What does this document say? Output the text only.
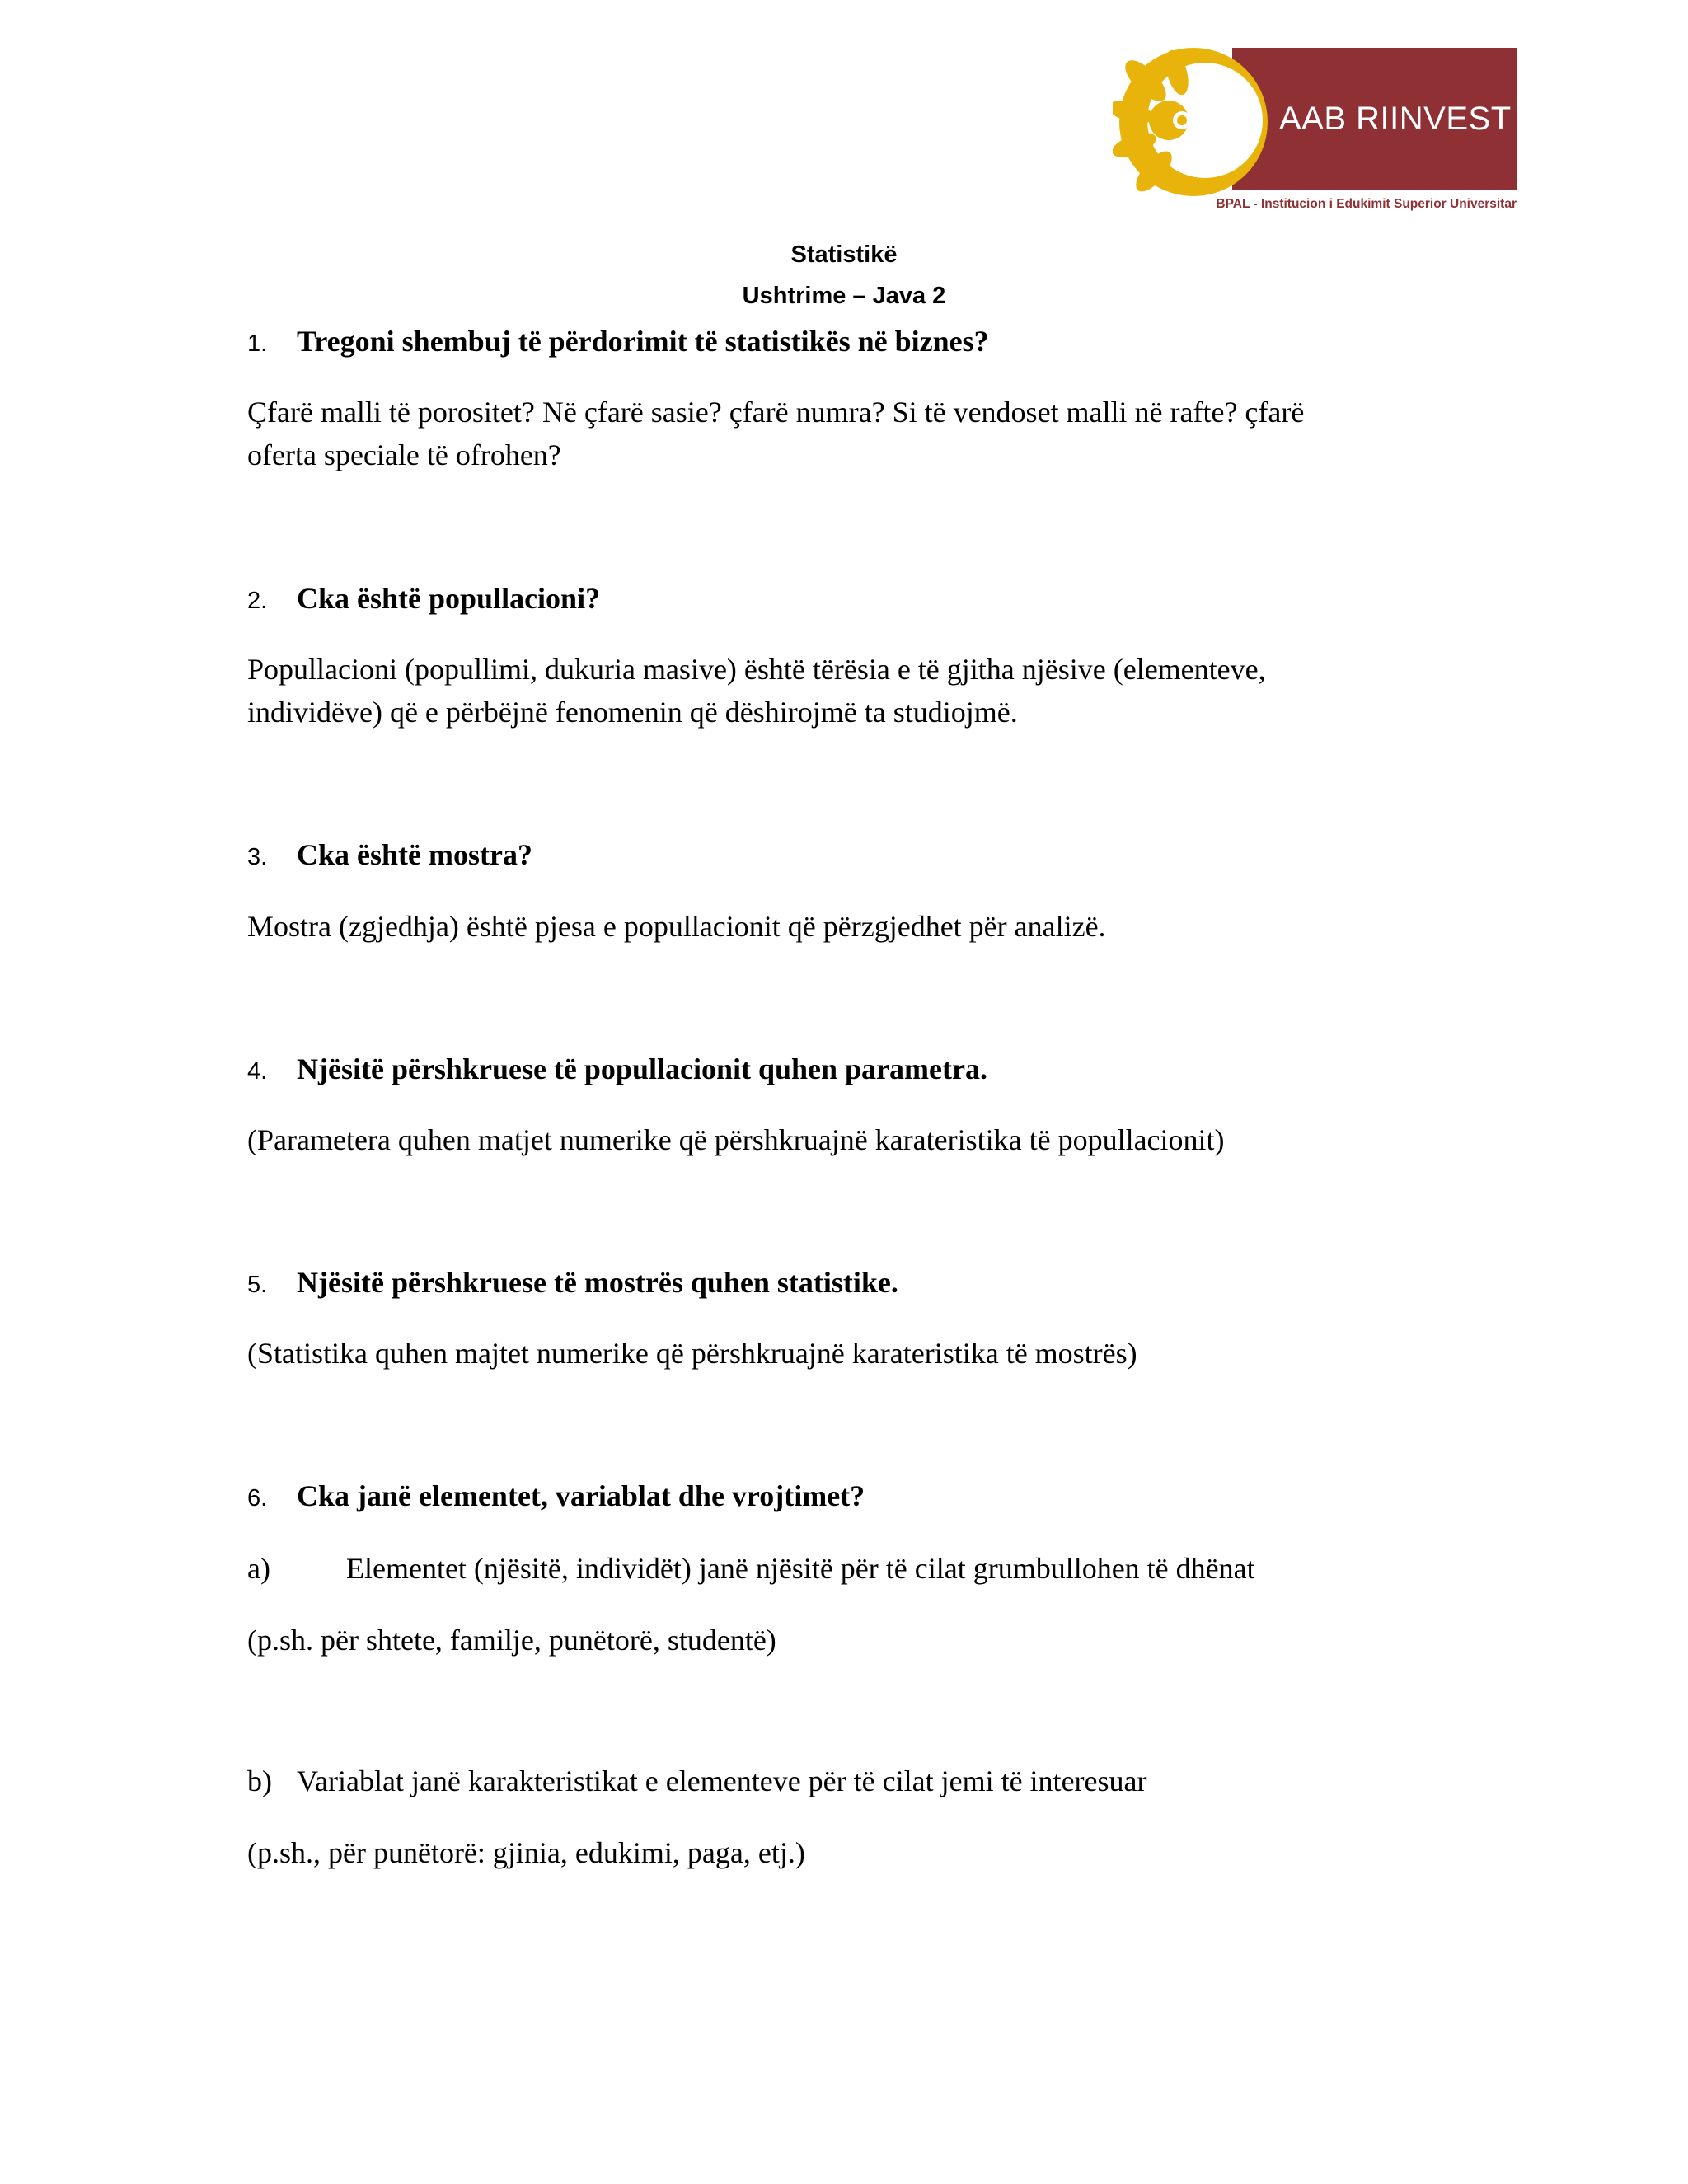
AAB RIINVEST
BPAL - Institucion i Edukimit Superior Universitar
Statistikë
Ushtrime – Java 2
1. Tregoni shembuj të përdorimit të statistikës në biznes?
Çfarë malli të porositet? Në çfarë sasie? çfarë numra? Si të vendoset malli në rafte? çfarë
oferta speciale të ofrohen?
2. Cka është popullacioni?
Popullacioni (popullimi, dukuria masive) është tërësia e të gjitha njësive (elementeve,
individëve) që e përbëjnë fenomenin që dëshirojmë ta studiojmë.
3. Cka është mostra?
Mostra (zgjedhja) është pjesa e popullacionit që përzgjedhet për analizë.
4. Njësitë përshkruese të popullacionit quhen parametra.
(Parametera quhen matjet numerike që përshkruajnë karateristika të popullacionit)
5. Njësitë përshkruese të mostrës quhen statistike.
(Statistika quhen majtet numerike që përshkruajnë karateristika të mostrës)
6. Cka janë elementet, variablat dhe vrojtimet?
a)	Elementet (njësitë, individët) janë njësitë për të cilat grumbullohen të dhënat
(p.sh. për shtete, familje, punëtorë, studentë)
b) Variablat janë karakteristikat e elementeve për të cilat jemi të interesuar
(p.sh., për punëtorë: gjinia, edukimi, paga, etj.)
